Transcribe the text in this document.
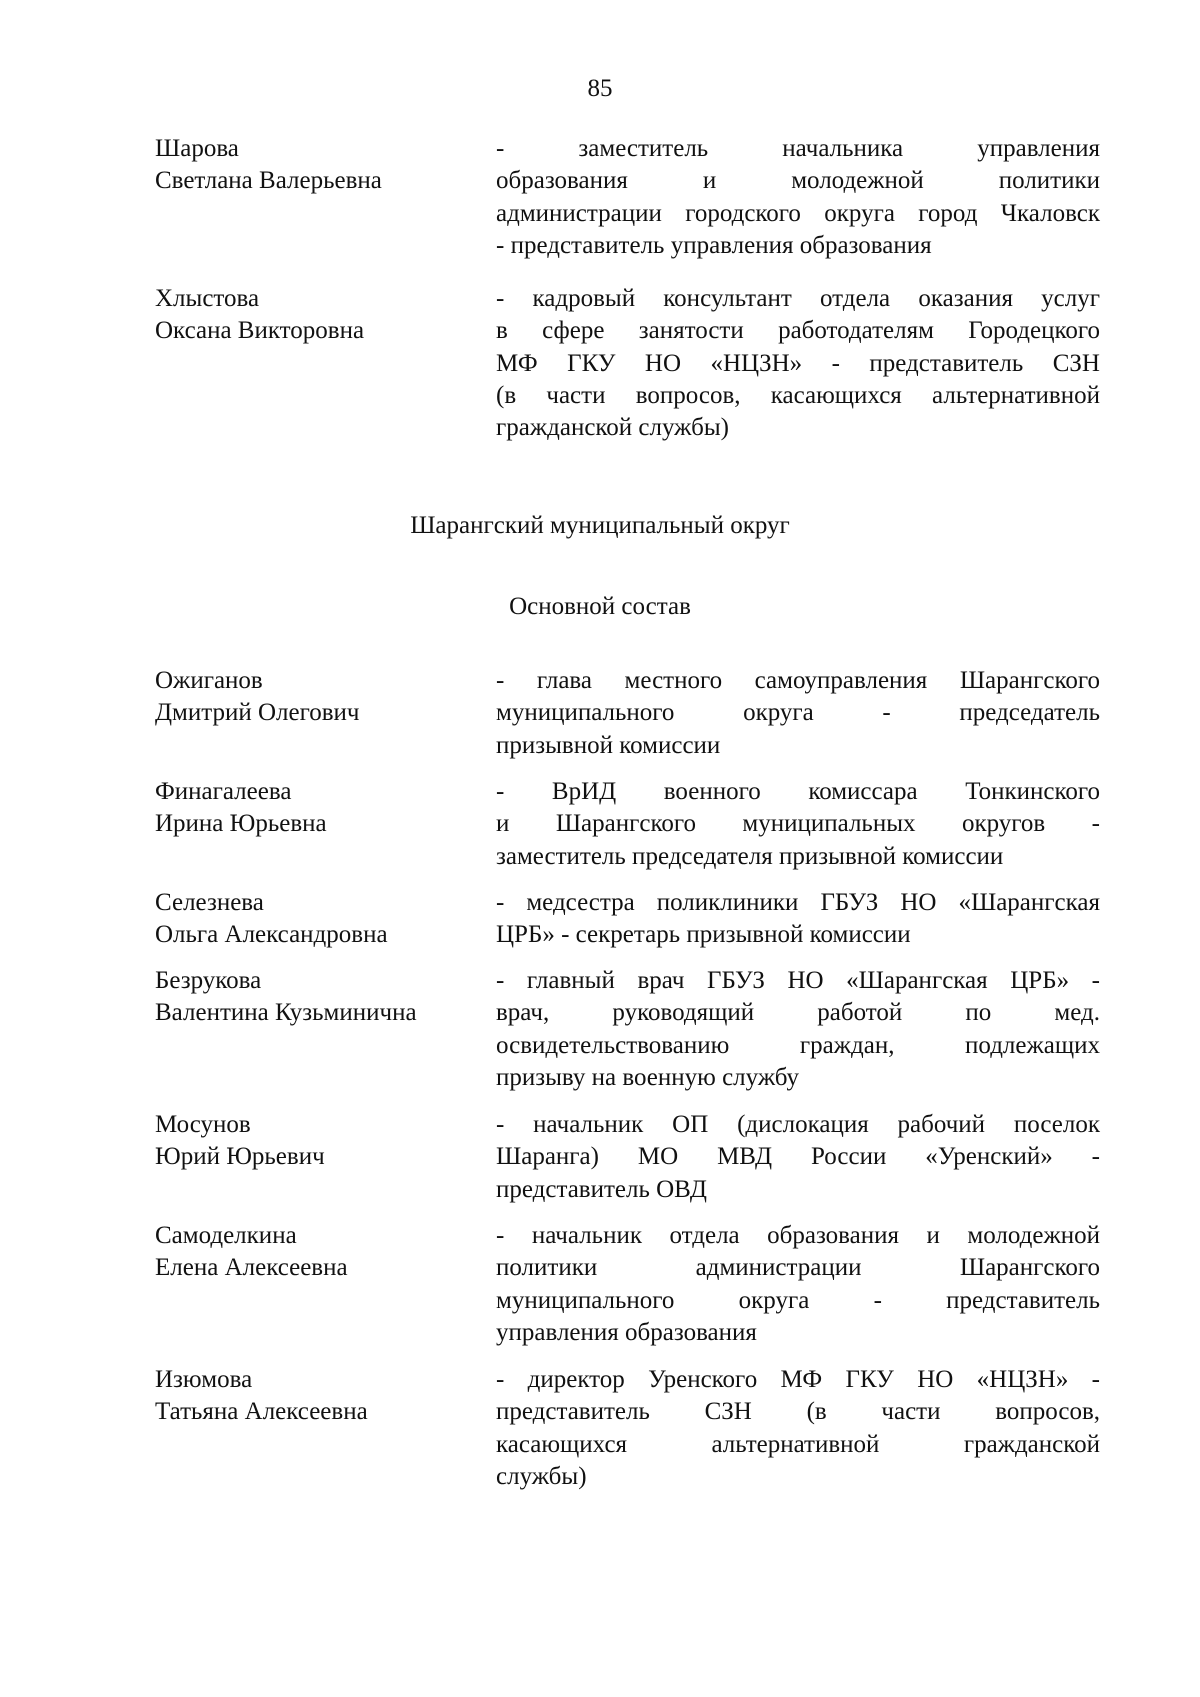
85
Шарова
Светлана Валерьевна
- заместитель начальника управления
образования и молодежной политики
администрации городского округа город Чкаловск
- представитель управления образования
Хлыстова
Оксана Викторовна
- кадровый консультант отдела оказания услуг
в сфере занятости работодателям Городецкого
МФ ГКУ НО «НЦЗН» - представитель СЗН
(в части вопросов, касающихся альтернативной
гражданской службы)
Шарангский муниципальный округ
Основной состав
Ожиганов
Дмитрий Олегович
- глава местного самоуправления Шарангского
муниципального округа - председатель
призывной комиссии
Финагалеева
Ирина Юрьевна
- ВрИД военного комиссара Тонкинского
и Шарангского муниципальных округов -
заместитель председателя призывной комиссии
Селезнева
Ольга Александровна
- медсестра поликлиники ГБУЗ НО «Шарангская
ЦРБ» - секретарь призывной комиссии
Безрукова
Валентина Кузьминична
- главный врач ГБУЗ НО «Шарангская ЦРБ» -
врач, руководящий работой по мед.
освидетельствованию граждан, подлежащих
призыву на военную службу
Мосунов
Юрий Юрьевич
- начальник ОП (дислокация рабочий поселок
Шаранга) МО МВД России «Уренский» -
представитель ОВД
Самоделкина
Елена Алексеевна
- начальник отдела образования и молодежной
политики администрации Шарангского
муниципального округа - представитель
управления образования
Изюмова
Татьяна Алексеевна
- директор Уренского МФ ГКУ НО «НЦЗН» -
представитель СЗН (в части вопросов,
касающихся альтернативной гражданской
службы)
